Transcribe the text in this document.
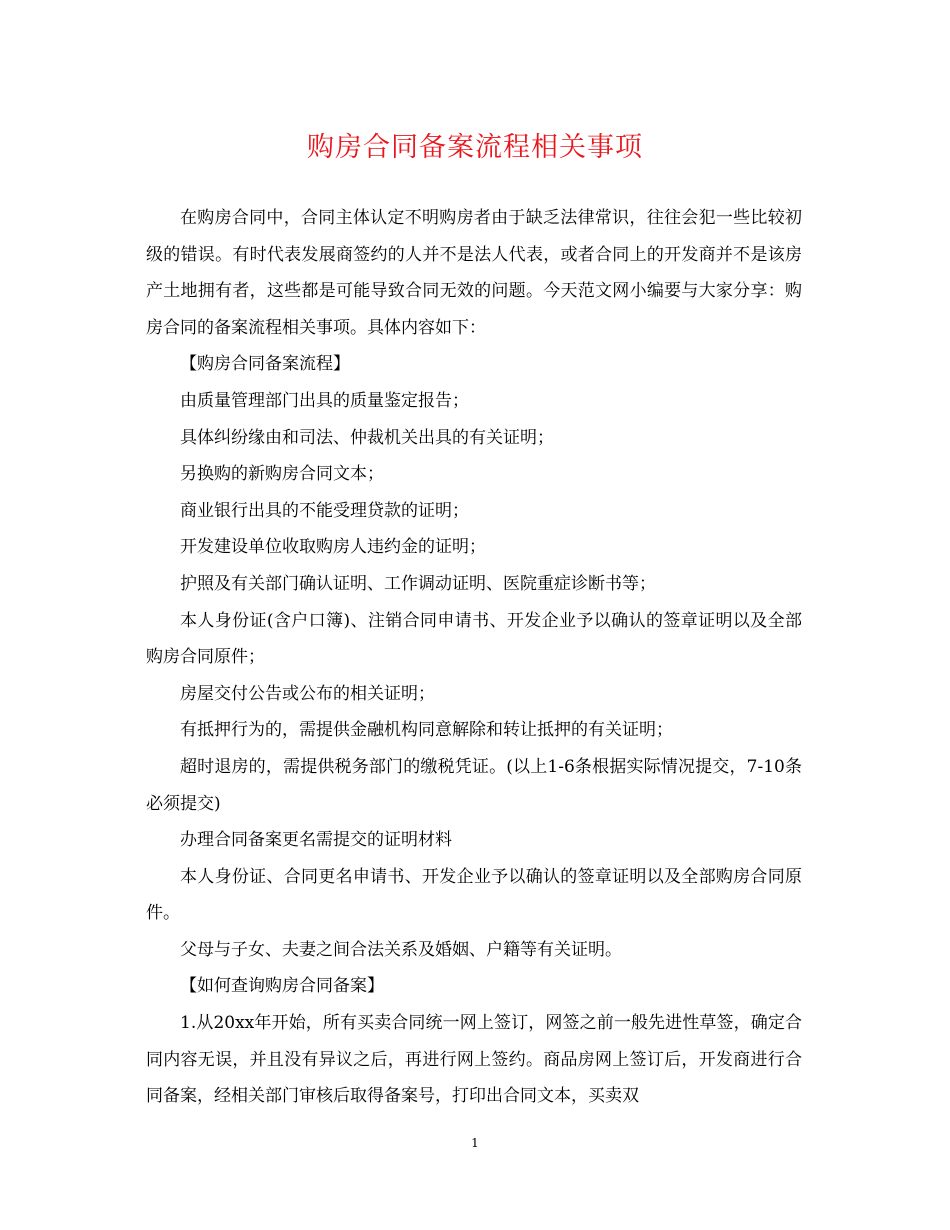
购房合同备案流程相关事项

在购房合同中，合同主体认定不明购房者由于缺乏法律常识，往往会犯一些比较初级的错误。有时代表发展商签约的人并不是法人代表，或者合同上的开发商并不是该房产土地拥有者，这些都是可能导致合同无效的问题。今天范文网小编要与大家分享：购房合同的备案流程相关事项。具体内容如下：

【购房合同备案流程】

由质量管理部门出具的质量鉴定报告；

具体纠纷缘由和司法、仲裁机关出具的有关证明；

另换购的新购房合同文本；

商业银行出具的不能受理贷款的证明；

开发建设单位收取购房人违约金的证明；

护照及有关部门确认证明、工作调动证明、医院重症诊断书等；

本人身份证(含户口簿)、注销合同申请书、开发企业予以确认的签章证明以及全部购房合同原件；

房屋交付公告或公布的相关证明；

有抵押行为的，需提供金融机构同意解除和转让抵押的有关证明；

超时退房的，需提供税务部门的缴税凭证。(以上1-6条根据实际情况提交，7-10条必须提交)

办理合同备案更名需提交的证明材料

本人身份证、合同更名申请书、开发企业予以确认的签章证明以及全部购房合同原件。

父母与子女、夫妻之间合法关系及婚姻、户籍等有关证明。

【如何查询购房合同备案】

1.从20xx年开始，所有买卖合同统一网上签订，网签之前一般先进性草签，确定合同内容无误，并且没有异议之后，再进行网上签约。商品房网上签订后，开发商进行合同备案，经相关部门审核后取得备案号，打印出合同文本，买卖双

1
